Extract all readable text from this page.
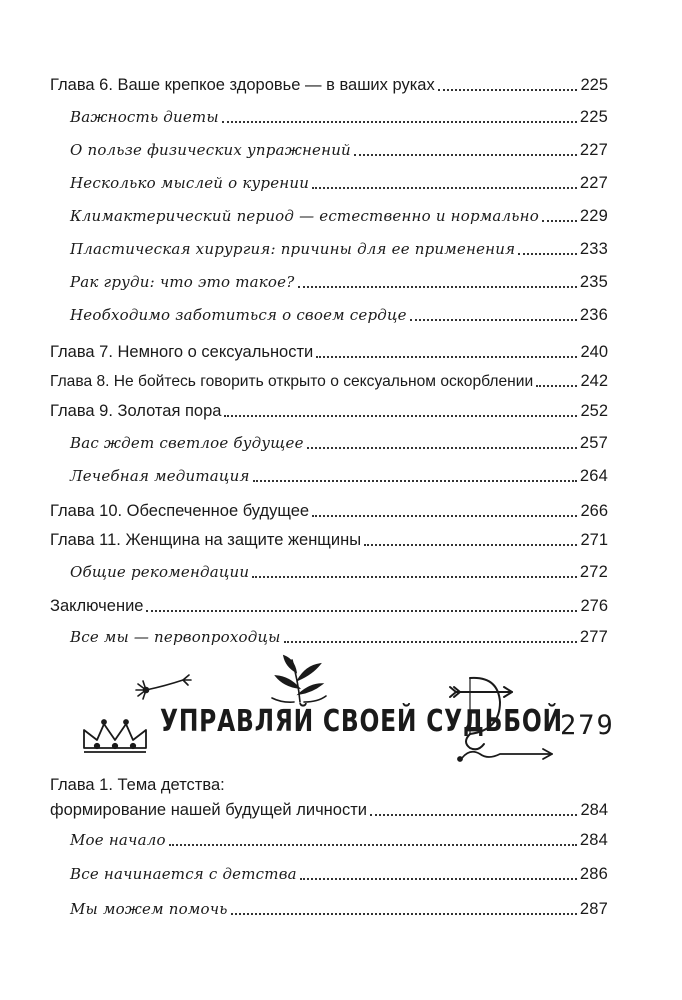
Глава 6. Ваше крепкое здоровье — в ваших руках	225
Важность диеты	225
О пользе физических упражнений	227
Несколько мыслей о курении	227
Климактерический период — естественно и нормально 229
Пластическая хирургия: причины для ее применения	233
Рак груди: что это такое?	235
Необходимо заботиться о своем сердце	236
Глава 7. Немного о сексуальности	240
Глава 8. Не бойтесь говорить открыто о сексуальном оскорблении	242
Глава 9. Золотая пора	252
Вас ждет светлое будущее	257
Лечебная медитация	264
Глава 10. Обеспеченное будущее	266
Глава 11. Женщина на защите женщины	271
Общие рекомендации	272
Заключение	276
Все мы — первопроходцы	277
Глава 1. Тема детства:
формирование нашей будущей личности	284
Мое начало	284
Все начинается с детства	286
Мы можем помочь	287
УПРАВЛЯЙ СВОЕЙ СУДЬБОЙ
279
